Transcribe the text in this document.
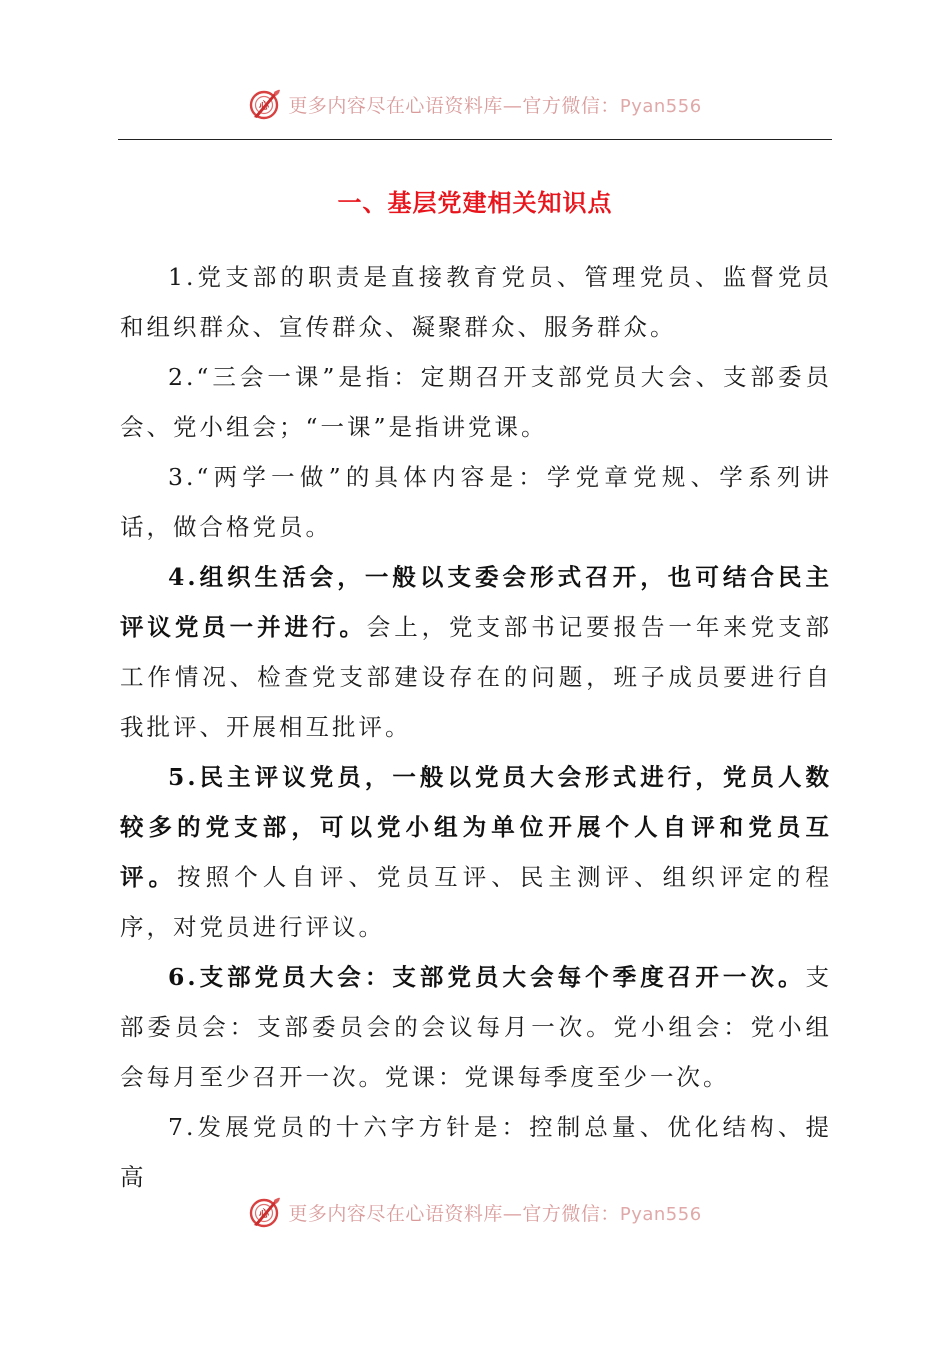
心 更多内容尽在心语资料库—官方微信：Pyan556
一、基层党建相关知识点

1.党支部的职责是直接教育党员、管理党员、监督党员和组织群众、宣传群众、凝聚群众、服务群众。

2.“三会一课”是指：定期召开支部党员大会、支部委员会、党小组会；“一课”是指讲党课。

3.“两学一做”的具体内容是：学党章党规、学系列讲话，做合格党员。

4.组织生活会，一般以支委会形式召开，也可结合民主评议党员一并进行。会上，党支部书记要报告一年来党支部工作情况、检查党支部建设存在的问题，班子成员要进行自我批评、开展相互批评。

5.民主评议党员，一般以党员大会形式进行，党员人数较多的党支部，可以党小组为单位开展个人自评和党员互评。按照个人自评、党员互评、民主测评、组织评定的程序，对党员进行评议。

6.支部党员大会：支部党员大会每个季度召开一次。支部委员会：支部委员会的会议每月一次。党小组会：党小组会每月至少召开一次。党课：党课每季度至少一次。

7.发展党员的十六字方针是：控制总量、优化结构、提高

心 更多内容尽在心语资料库—官方微信：Pyan556
